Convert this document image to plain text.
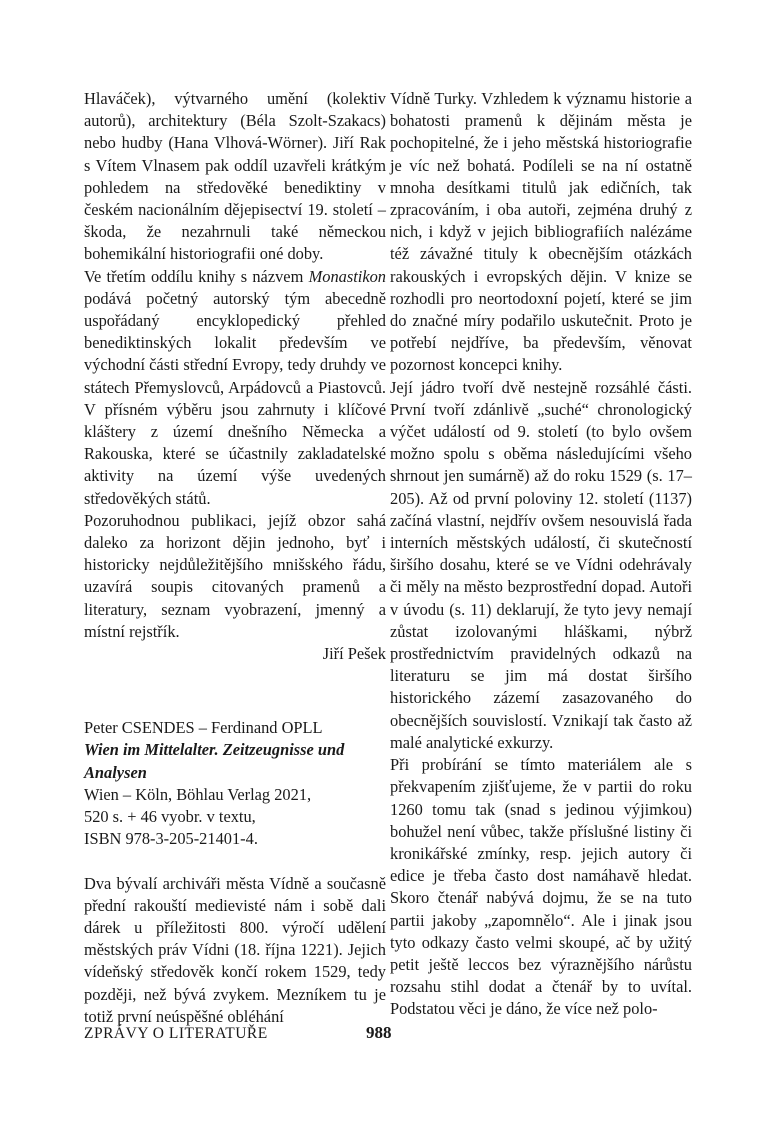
Hlaváček), výtvarného umění (kolektiv autorů), architektury (Béla Szolt-Szakacs) nebo hudby (Hana Vlhová-Wörner). Jiří Rak s Vítem Vlnasem pak oddíl uzavřeli krátkým pohledem na středověké benediktiny v českém nacionálním dějepisectví 19. století – škoda, že nezahrnuli také německou bohemikální historiografii oné doby.

Ve třetím oddílu knihy s názvem Monastikon podává početný autorský tým abecedně uspořádaný encyklopedický přehled benediktinských lokalit především ve východní části střední Evropy, tedy druhdy ve státech Přemyslovců, Arpádovců a Piastovců. V přísném výběru jsou zahrnuty i klíčové kláštery z území dnešního Německa a Rakouska, které se účastnily zakladatelské aktivity na území výše uvedených středověkých států.

Pozoruhodnou publikaci, jejíž obzor sahá daleko za horizont dějin jednoho, byť i historicky nejdůležitějšího mnišského řádu, uzavírá soupis citovaných pramenů a literatury, seznam vyobrazení, jmenný a místní rejstřík.

Jiří Pešek

Peter CSENDES – Ferdinand OPLL

Wien im Mittelalter. Zeitzeugnisse und Analysen

Wien – Köln, Böhlau Verlag 2021,

520 s. + 46 vyobr. v textu,

ISBN 978-3-205-21401-4.

Dva bývalí archiváři města Vídně a současně přední rakouští medievisté nám i sobě dali dárek u příležitosti 800. výročí udělení městských práv Vídni (18. října 1221). Jejich vídeňský středověk končí rokem 1529, tedy později, než bývá zvykem. Mezníkem tu je totiž první neúspěšné obléhání

Vídně Turky. Vzhledem k významu historie a bohatosti pramenů k dějinám města je pochopitelné, že i jeho městská historiografie je víc než bohatá. Podíleli se na ní ostatně mnoha desítkami titulů jak edičních, tak zpracováním, i oba autoři, zejména druhý z nich, i když v jejich bibliografiích nalézáme též závažné tituly k obecnějším otázkách rakouských i evropských dějin. V knize se rozhodli pro neortodoxní pojetí, které se jim do značné míry podařilo uskutečnit. Proto je potřebí nejdříve, ba především, věnovat pozornost koncepci knihy.

Její jádro tvoří dvě nestejně rozsáhlé části. První tvoří zdánlivě „suché“ chronologický výčet událostí od 9. století (to bylo ovšem možno spolu s oběma následujícími všeho shrnout jen sumárně) až do roku 1529 (s. 17–205). Až od první poloviny 12. století (1137) začíná vlastní, nejdřív ovšem nesouvislá řada interních městských událostí, či skutečností širšího dosahu, které se ve Vídni odehrávaly či měly na město bezprostřední dopad. Autoři v úvodu (s. 11) deklarují, že tyto jevy nemají zůstat izolovanými hláškami, nýbrž prostřednictvím pravidelných odkazů na literaturu se jim má dostat širšího historického zázemí zasazovaného do obecnějších souvislostí. Vznikají tak často až malé analytické exkurzy.

Při probírání se tímto materiálem ale s překvapením zjišťujeme, že v partii do roku 1260 tomu tak (snad s jedinou výjimkou) bohužel není vůbec, takže příslušné listiny či kronikářské zmínky, resp. jejich autory či edice je třeba často dost namáhavě hledat. Skoro čtenář nabývá dojmu, že se na tuto partii jakoby „zapomnělo“. Ale i jinak jsou tyto odkazy často velmi skoupé, ač by užitý petit ještě leccos bez výraznějšího nárůstu rozsahu stihl dodat a čtenář by to uvítal. Podstatou věci je dáno, že více než polo-

ZPRÁVY O LITERATUŘE	988
